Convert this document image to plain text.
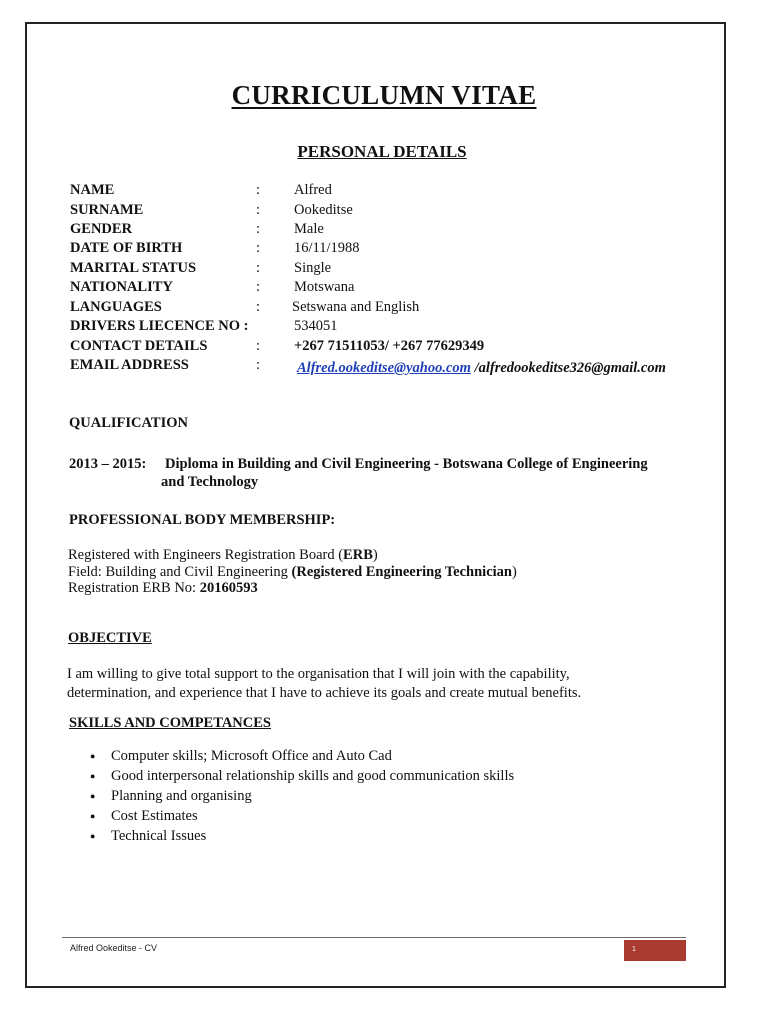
CURRICULUMN VITAE
PERSONAL DETAILS
NAME	: Alfred
SURNAME	: Ookeditse
GENDER	: Male
DATE OF BIRTH	: 16/11/1988
MARITAL STATUS	: Single
NATIONALITY	: Motswana
LANGUAGES	: Setswana and English
DRIVERS LIECENCE NO :	534051
CONTACT DETAILS	: +267 71511053/ +267 77629349
EMAIL ADDRESS	:	Alfred.ookeditse@yahoo.com /alfredookeditse326@gmail.com
QUALIFICATION
2013 – 2015: Diploma in Building and Civil Engineering - Botswana College of Engineering
and Technology
PROFESSIONAL BODY MEMBERSHIP:
Registered with Engineers Registration Board (ERB)
Field: Building and Civil Engineering (Registered Engineering Technician)
Registration ERB No: 20160593
OBJECTIVE
I am willing to give total support to the organisation that I will join with the capability,
determination, and experience that I have to achieve its goals and create mutual benefits.
SKILLS AND COMPETANCES
● Computer skills; Microsoft Office and Auto Cad
● Good interpersonal relationship skills and good communication skills
● Planning and organising
● Cost Estimates
● Technical Issues
Alfred Ookeditse - CV	1
